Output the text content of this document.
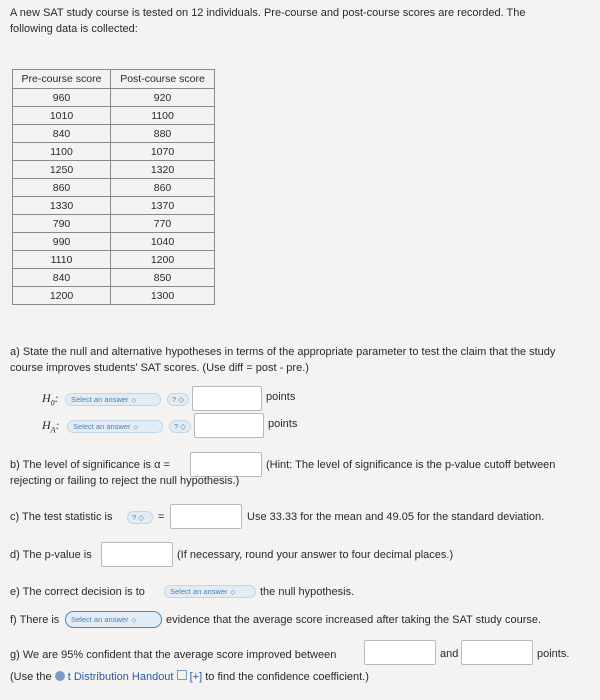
A new SAT study course is tested on 12 individuals. Pre-course and post-course scores are recorded. The following data is collected:
Pre-course score	Post-course score
960	920
1010	1100
840	880
1100	1070
1250	1320
860	860
1330	1370
790	770
990	1040
1110	1200
840	850
1200	1300
a) State the null and alternative hypotheses in terms of the appropriate parameter to test the claim that the study course improves students' SAT scores. (Use diff = post - pre.)
$H_0$:	Select an answer ◇	? ◇	points
$H_A$:	Select an answer ◇	? ◇	points
b) The level of significance is α =	(Hint: The level of significance is the p-value cutoff between rejecting or failing to reject the null hypothesis.)
c) The test statistic is	? ◇	=	Use 33.33 for the mean and 49.05 for the standard deviation.
d) The p-value is	(If necessary, round your answer to four decimal places.)
e) The correct decision is to	Select an answer ◇	the null hypothesis.
f) There is	Select an answer ◇	evidence that the average score increased after taking the SAT study course.
g) We are 95% confident that the average score improved between	and	points.
(Use the t Distribution Handout [+] to find the confidence coefficient.)
